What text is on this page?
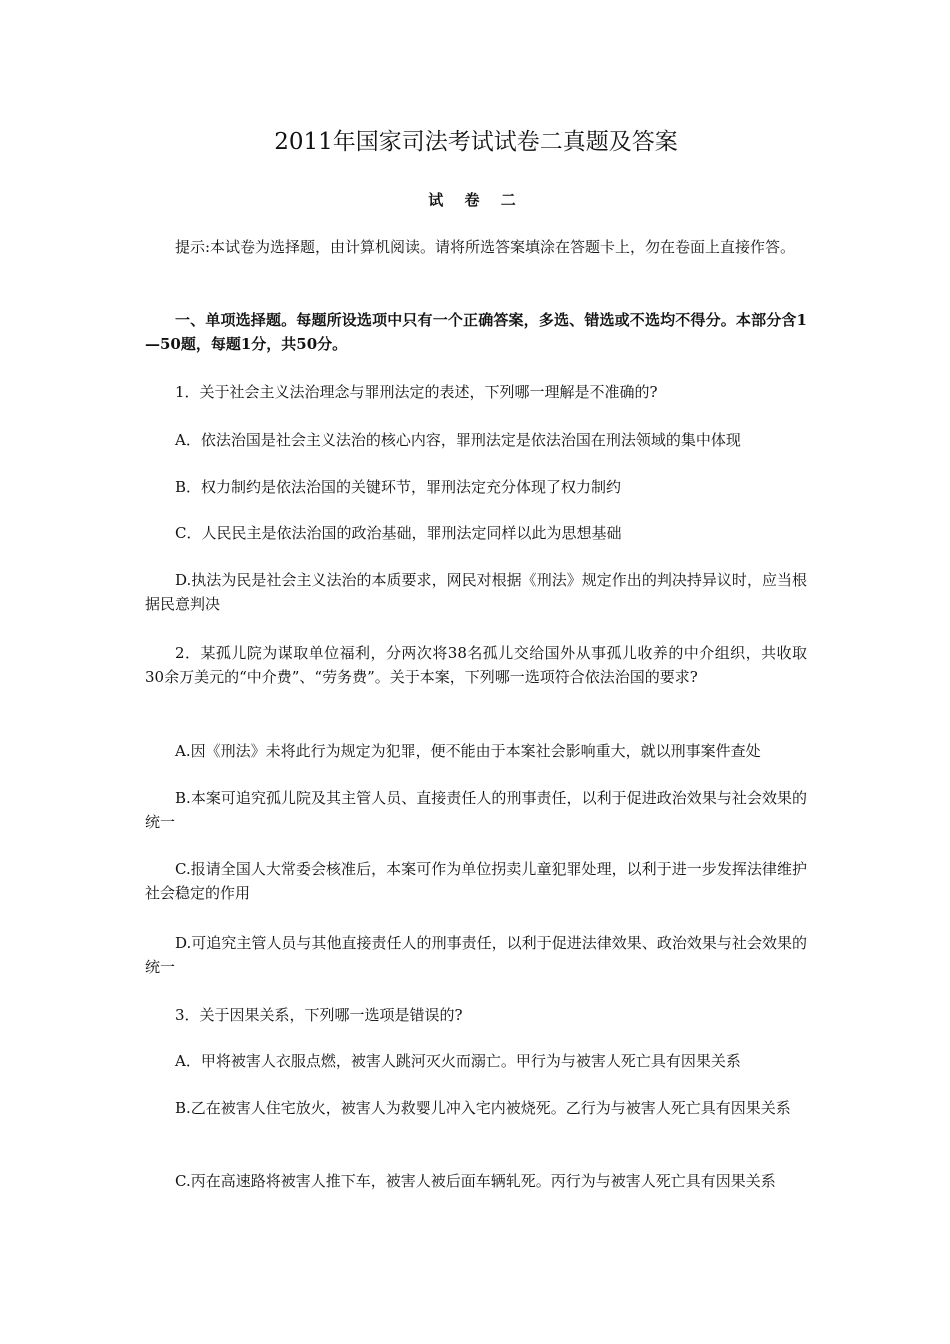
2011年国家司法考试试卷二真题及答案
试 卷 二

提示:本试卷为选择题，由计算机阅读。请将所选答案填涂在答题卡上，勿在卷面上直接作答。

一、单项选择题。每题所设选项中只有一个正确答案，多选、错选或不选均不得分。本部分含1—50题，每题1分，共50分。

1．关于社会主义法治理念与罪刑法定的表述，下列哪一理解是不准确的?

A．依法治国是社会主义法治的核心内容，罪刑法定是依法治国在刑法领域的集中体现

B．权力制约是依法治国的关键环节，罪刑法定充分体现了权力制约

C．人民民主是依法治国的政治基础，罪刑法定同样以此为思想基础

D.执法为民是社会主义法治的本质要求，网民对根据《刑法》规定作出的判决持异议时，应当根据民意判决

2．某孤儿院为谋取单位福利，分两次将38名孤儿交给国外从事孤儿收养的中介组织，共收取30余万美元的“中介费”、“劳务费”。关于本案，下列哪一选项符合依法治国的要求?

A.因《刑法》未将此行为规定为犯罪，便不能由于本案社会影响重大，就以刑事案件查处

B.本案可追究孤儿院及其主管人员、直接责任人的刑事责任，以利于促进政治效果与社会效果的统一

C.报请全国人大常委会核准后，本案可作为单位拐卖儿童犯罪处理，以利于进一步发挥法律维护社会稳定的作用

D.可追究主管人员与其他直接责任人的刑事责任，以利于促进法律效果、政治效果与社会效果的统一

3．关于因果关系，下列哪一选项是错误的?

A．甲将被害人衣服点燃，被害人跳河灭火而溺亡。甲行为与被害人死亡具有因果关系

B.乙在被害人住宅放火，被害人为救婴儿冲入宅内被烧死。乙行为与被害人死亡具有因果关系

C.丙在高速路将被害人推下车，被害人被后面车辆轧死。丙行为与被害人死亡具有因果关系
